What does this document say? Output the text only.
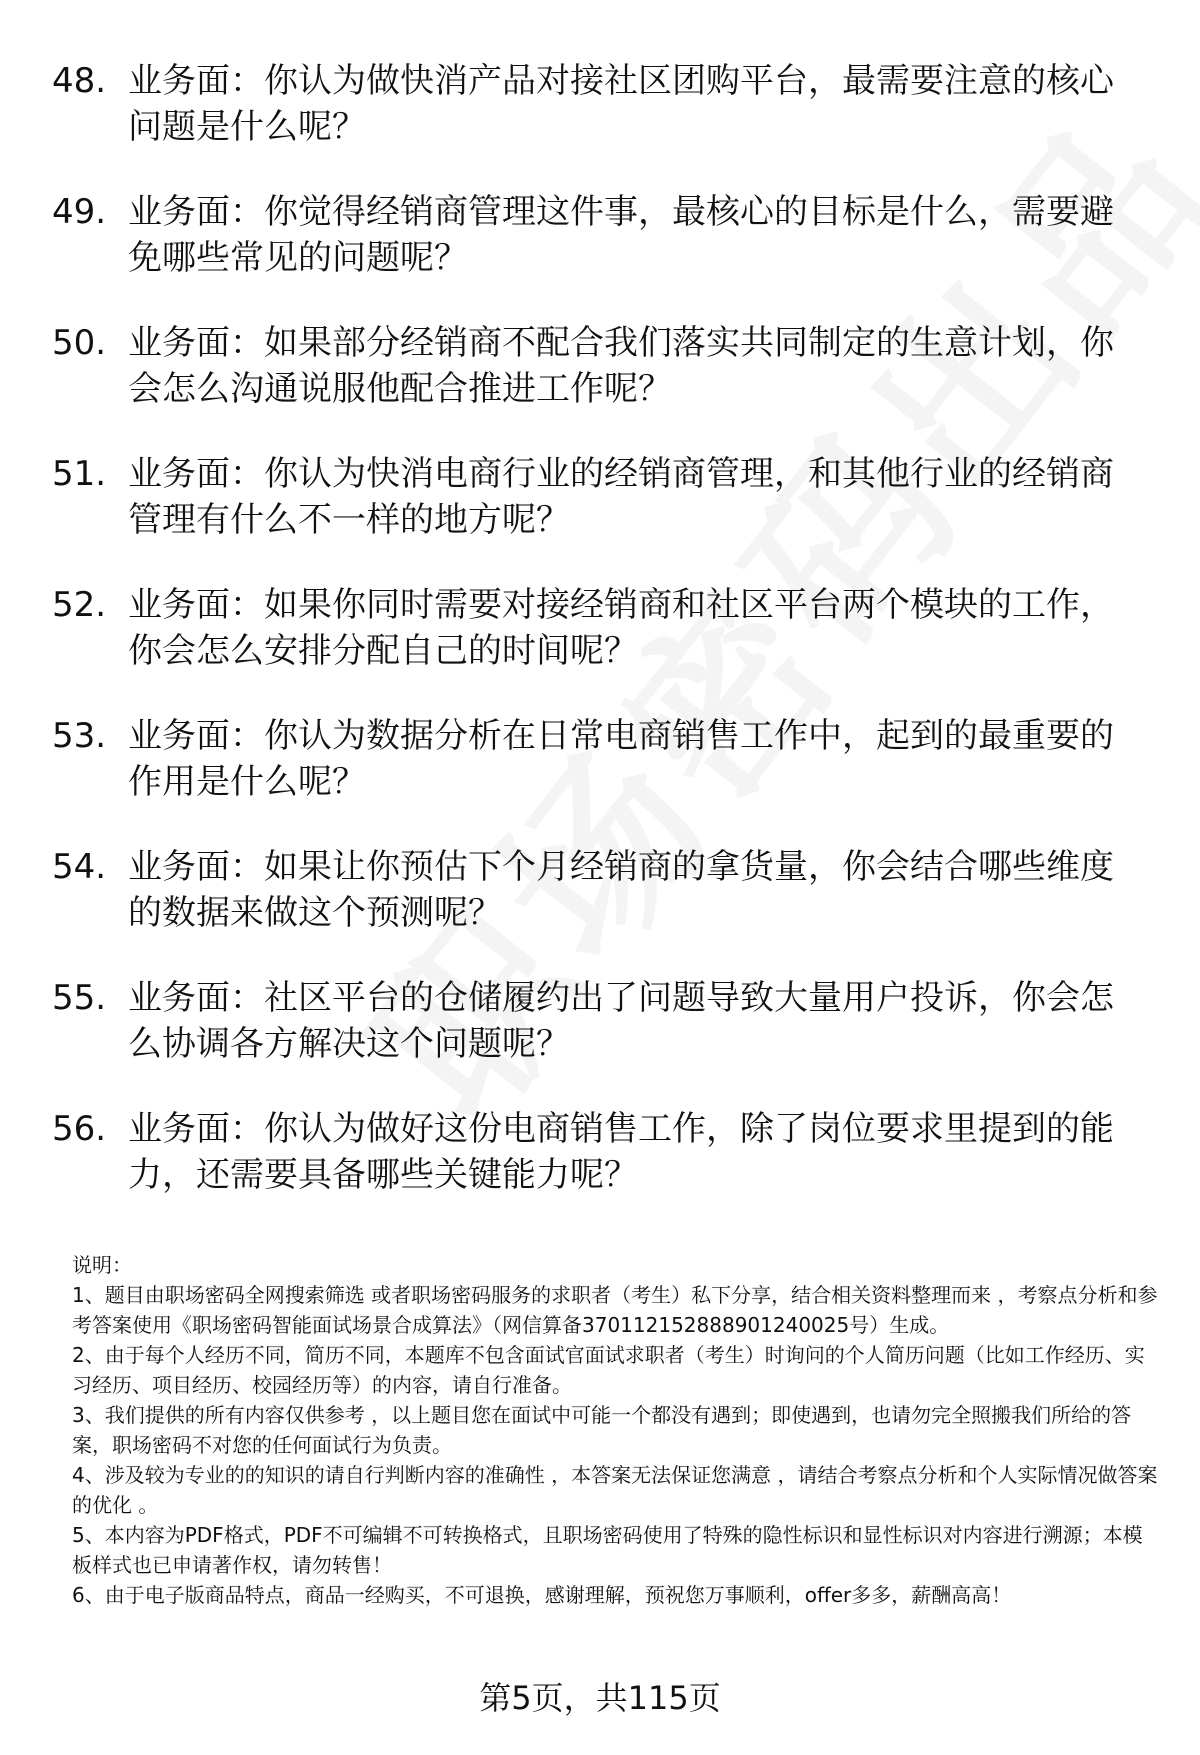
48. 业务面：你认为做快消产品对接社区团购平台，最需要注意的核心问题是什么呢？
49. 业务面：你觉得经销商管理这件事，最核心的目标是什么，需要避免哪些常见的问题呢？
50. 业务面：如果部分经销商不配合我们落实共同制定的生意计划，你会怎么沟通说服他配合推进工作呢？
51. 业务面：你认为快消电商行业的经销商管理，和其他行业的经销商管理有什么不一样的地方呢？
52. 业务面：如果你同时需要对接经销商和社区平台两个模块的工作，你会怎么安排分配自己的时间呢？
53. 业务面：你认为数据分析在日常电商销售工作中，起到的最重要的作用是什么呢？
54. 业务面：如果让你预估下个月经销商的拿货量，你会结合哪些维度的数据来做这个预测呢？
55. 业务面：社区平台的仓储履约出了问题导致大量用户投诉，你会怎么协调各方解决这个问题呢？
56. 业务面：你认为做好这份电商销售工作，除了岗位要求里提到的能力，还需要具备哪些关键能力呢？

说明：

1、题目由职场密码全网搜索筛选 或者职场密码服务的求职者（考生）私下分享，结合相关资料整理而来 ，考察点分析和参考答案使用《职场密码智能面试场景合成算法》（网信算备370112152888901240025号）生成。

2、由于每个人经历不同，简历不同，本题库不包含面试官面试求职者（考生）时询问的个人简历问题（比如工作经历、实习经历、项目经历、校园经历等）的内容，请自行准备。

3、我们提供的所有内容仅供参考 ，以上题目您在面试中可能一个都没有遇到；即使遇到，也请勿完全照搬我们所给的答案，职场密码不对您的任何面试行为负责。

4、涉及较为专业的的知识的请自行判断内容的准确性 ，本答案无法保证您满意 ，请结合考察点分析和个人实际情况做答案的优化 。

5、本内容为PDF格式，PDF不可编辑不可转换格式，且职场密码使用了特殊的隐性标识和显性标识对内容进行溯源；本模板样式也已申请著作权，请勿转售！

6、由于电子版商品特点，商品一经购买，不可退换，感谢理解，预祝您万事顺利，offer多多，薪酬高高！

第5页，共115页
